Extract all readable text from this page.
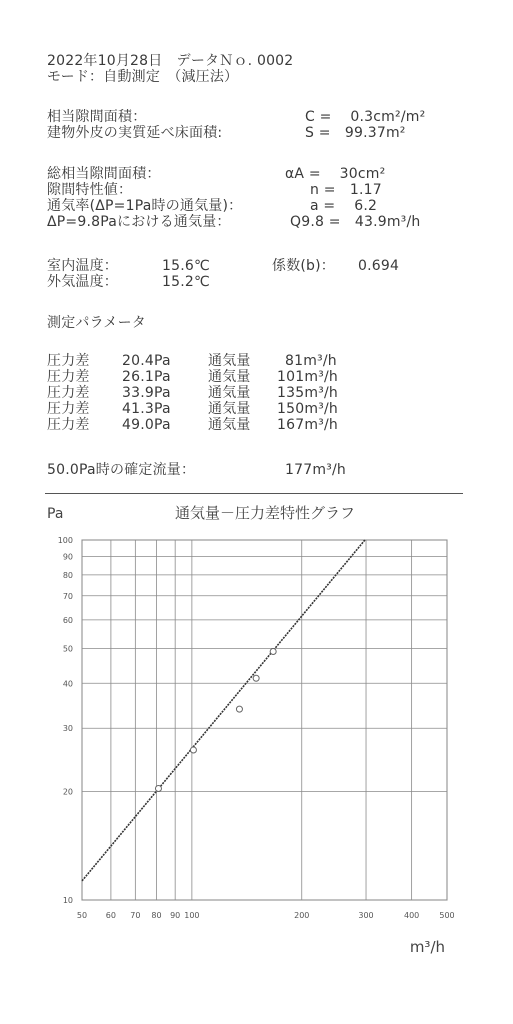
2022年10月28日　データＮｏ. 0002
モード：自動測定　（減圧法）
相当隙間面積：	C =　 0.3cm²/m²
建物外皮の実質延べ床面積:	S =　99.37m²
総相当隙間面積：	αA =　 30cm²
隙間特性値：	n =　1.17
通気率(ΔP=1Pa時の通気量)：	a =　 6.2
ΔP=9.8Paにおける通気量：	Q9.8 =　43.9m³/h
室内温度：	15.6℃	係数(b)： 0.694
外気温度：	15.2℃
測定パラメータ
圧力差 20.4Pa	通気量 81m³/h
圧力差 26.1Pa	通気量 101m³/h
圧力差 33.9Pa	通気量 135m³/h
圧力差 41.3Pa	通気量 150m³/h
圧力差 49.0Pa	通気量 167m³/h
50.0Pa時の確定流量：	177m³/h
Pa	通気量－圧力差特性グラフ
m³/h
50 60 70 80 90 100	200	300	400	500
10
20
30
40
50
60
70
80
90
100
